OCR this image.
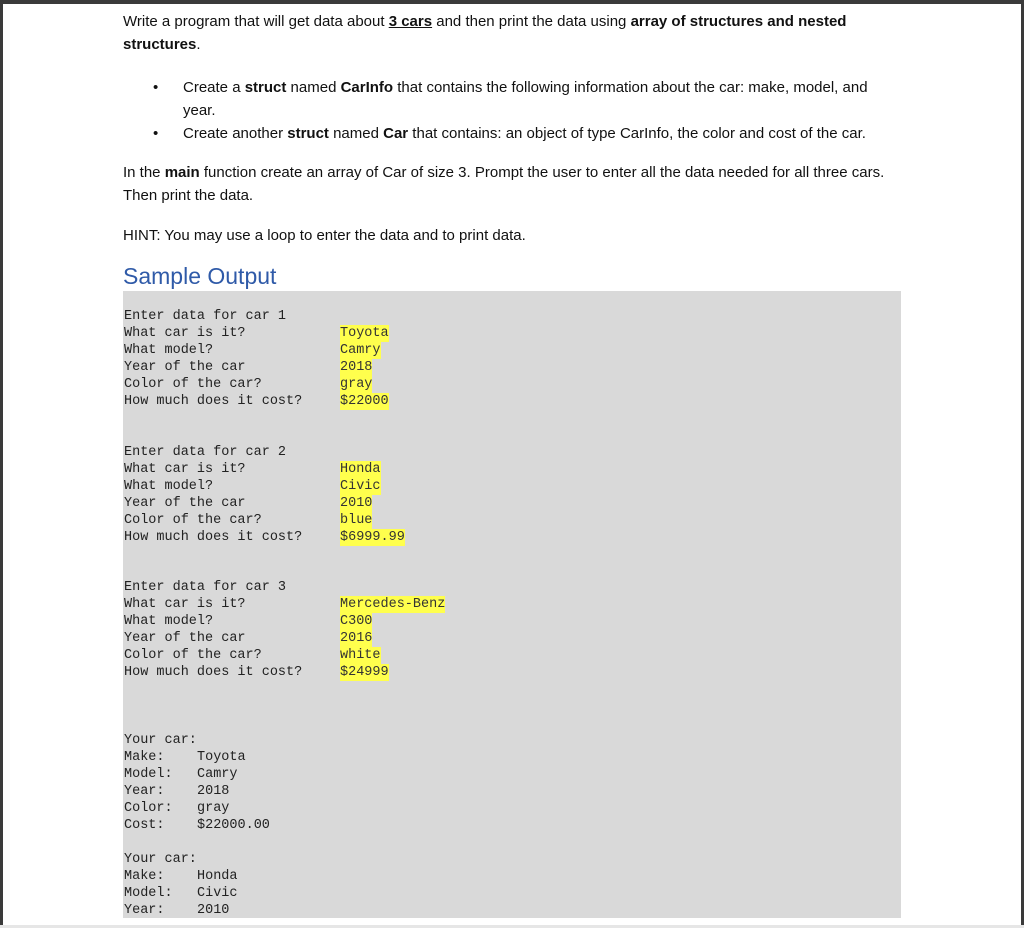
Write a program that will get data about 3 cars and then print the data using array of structures and nested structures.

• Create a struct named CarInfo that contains the following information about the car: make, model, and year.
• Create another struct named Car that contains: an object of type CarInfo, the color and cost of the car.

In the main function create an array of Car of size 3. Prompt the user to enter all the data needed for all three cars. Then print the data.

HINT: You may use a loop to enter the data and to print data.

Sample Output
Enter data for car 1
What car is it?	Toyota
What model?	Camry
Year of the car	2018
Color of the car?	gray
How much does it cost?	$22000
Enter data for car 2
What car is it?	Honda
What model?	Civic
Year of the car	2010
Color of the car?	blue
How much does it cost?	$6999.99
Enter data for car 3
What car is it?	Mercedes-Benz
What model?	C300
Year of the car	2016
Color of the car?	white
How much does it cost?	$24999
Your car:
Make: Toyota
Model: Camry
Year: 2018
Color: gray
Cost: $22000.00
Your car:
Make: Honda
Model: Civic
Year: 2010
